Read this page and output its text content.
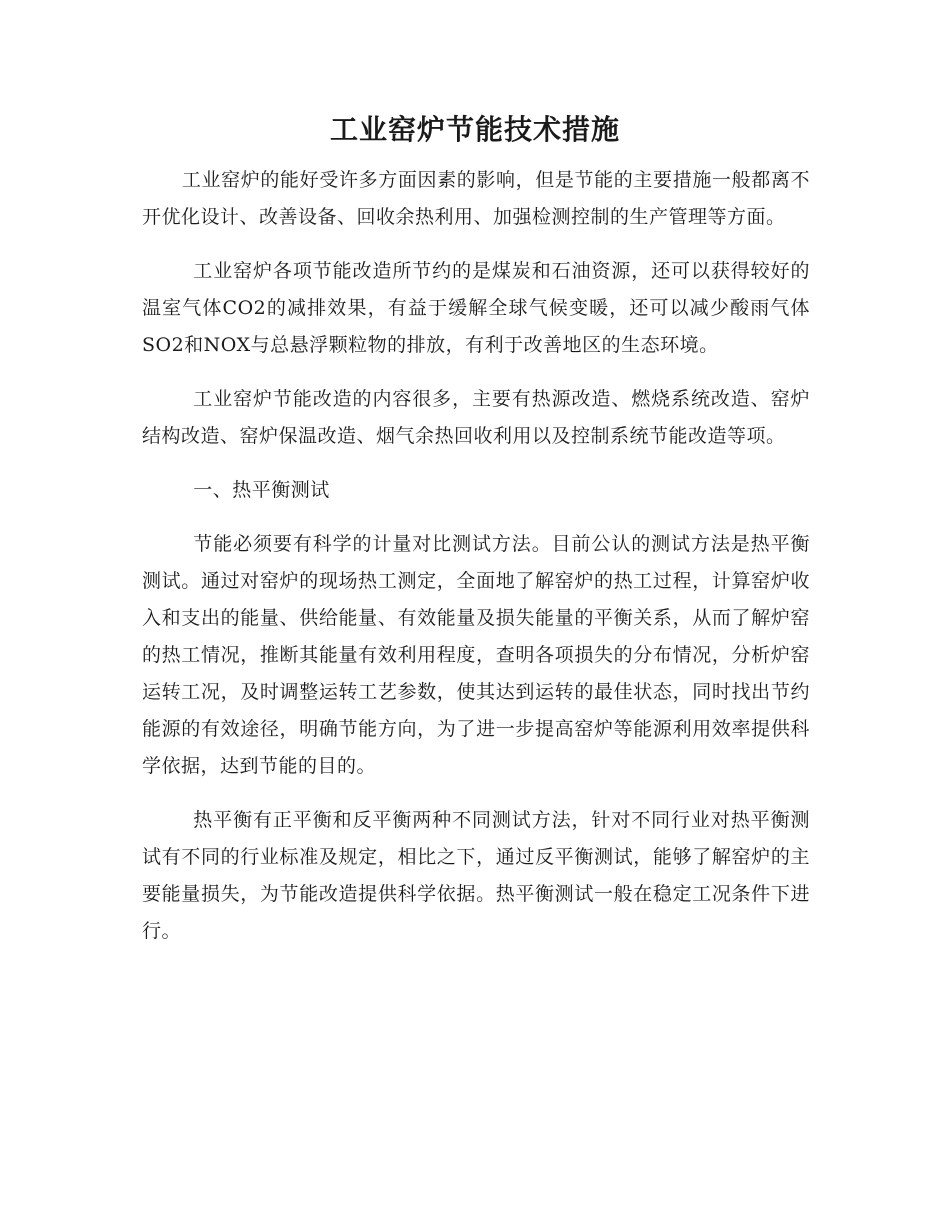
工业窑炉节能技术措施

工业窑炉的能好受许多方面因素的影响，但是节能的主要措施一般都离不开优化设计、改善设备、回收余热利用、加强检测控制的生产管理等方面。

工业窑炉各项节能改造所节约的是煤炭和石油资源，还可以获得较好的温室气体CO2的减排效果，有益于缓解全球气候变暖，还可以减少酸雨气体SO2和NOX与总悬浮颗粒物的排放，有利于改善地区的生态环境。

工业窑炉节能改造的内容很多，主要有热源改造、燃烧系统改造、窑炉结构改造、窑炉保温改造、烟气余热回收利用以及控制系统节能改造等项。

一、热平衡测试

节能必须要有科学的计量对比测试方法。目前公认的测试方法是热平衡测试。通过对窑炉的现场热工测定，全面地了解窑炉的热工过程，计算窑炉收入和支出的能量、供给能量、有效能量及损失能量的平衡关系，从而了解炉窑的热工情况，推断其能量有效利用程度，查明各项损失的分布情况，分析炉窑运转工况，及时调整运转工艺参数，使其达到运转的最佳状态，同时找出节约能源的有效途径，明确节能方向，为了进一步提高窑炉等能源利用效率提供科学依据，达到节能的目的。

热平衡有正平衡和反平衡两种不同测试方法，针对不同行业对热平衡测试有不同的行业标准及规定，相比之下，通过反平衡测试，能够了解窑炉的主要能量损失，为节能改造提供科学依据。热平衡测试一般在稳定工况条件下进行。
